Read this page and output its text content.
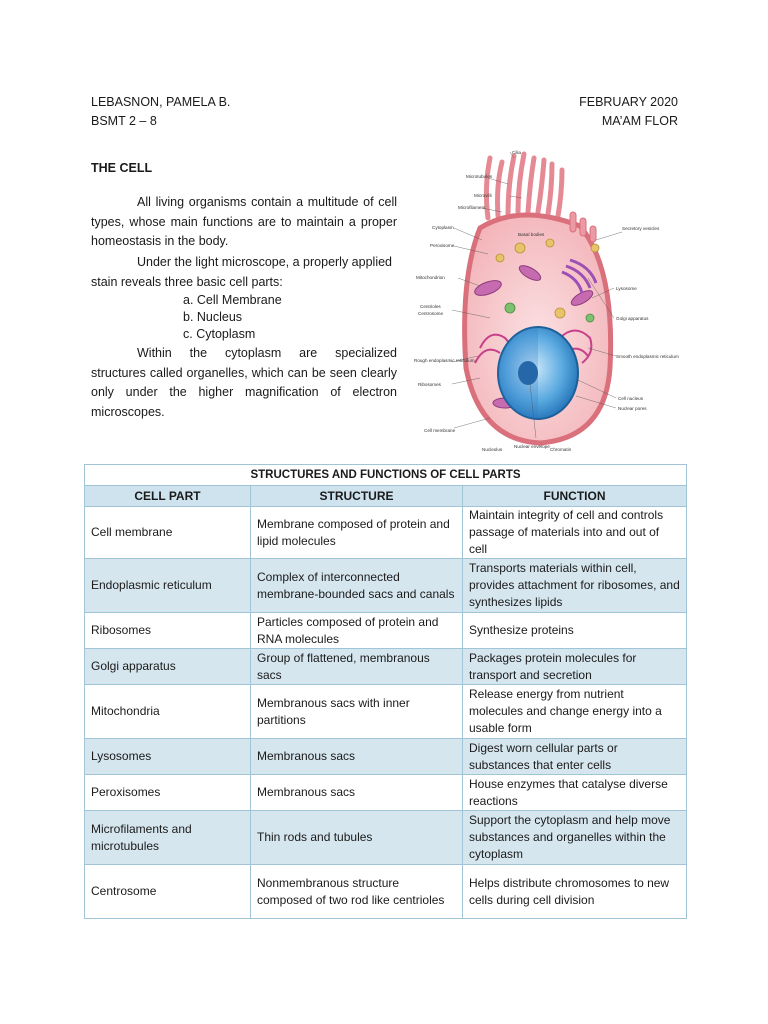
LEBASNON, PAMELA B.
BSMT 2 – 8
FEBRUARY 2020
MA’AM FLOR
THE CELL
All living organisms contain a multitude of cell types, whose main functions are to maintain a proper homeostasis in the body.
Under the light microscope, a properly applied stain reveals three basic cell parts:
a. Cell Membrane
b. Nucleus
c. Cytoplasm
Within the cytoplasm are specialized structures called organelles, which can be seen clearly only under the higher magnification of electron microscopes.
Cilia
Microtubules
Microvilli
Microfilament
Cytoplasm
Peroxisome
Basal bodies
Secretory vesicles
Mitochondrion
Lysosome
Centrioles
Centrosome
Golgi apparatus
Rough endoplasmic reticulum
Smooth endoplasmic reticulum
Ribosomes
Cell nucleus
Nuclear pores
Cell membrane
Nucleolus
Nuclear envelope
Chromatin
STRUCTURES AND FUNCTIONS OF CELL PARTS		
CELL PART	STRUCTURE	FUNCTION
Cell membrane	Membrane composed of protein and lipid molecules	Maintain integrity of cell and controls passage of materials into and out of cell
Endoplasmic reticulum	Complex of interconnected membrane-bounded sacs and canals	Transports materials within cell, provides attachment for ribosomes, and synthesizes lipids
Ribosomes	Particles composed of protein and RNA molecules	Synthesize proteins
Golgi apparatus	Group of flattened, membranous sacs	Packages protein molecules for transport and secretion
Mitochondria	Membranous sacs with inner partitions	Release energy from nutrient molecules and change energy into a usable form
Lysosomes	Membranous sacs	Digest worn cellular parts or substances that enter cells
Peroxisomes	Membranous sacs	House enzymes that catalyse diverse reactions
Microfilaments and microtubules	Thin rods and tubules	Support the cytoplasm and help move substances and organelles within the cytoplasm
Centrosome	Nonmembranous structure composed of two rod like centrioles	Helps distribute chromosomes to new cells during cell division
